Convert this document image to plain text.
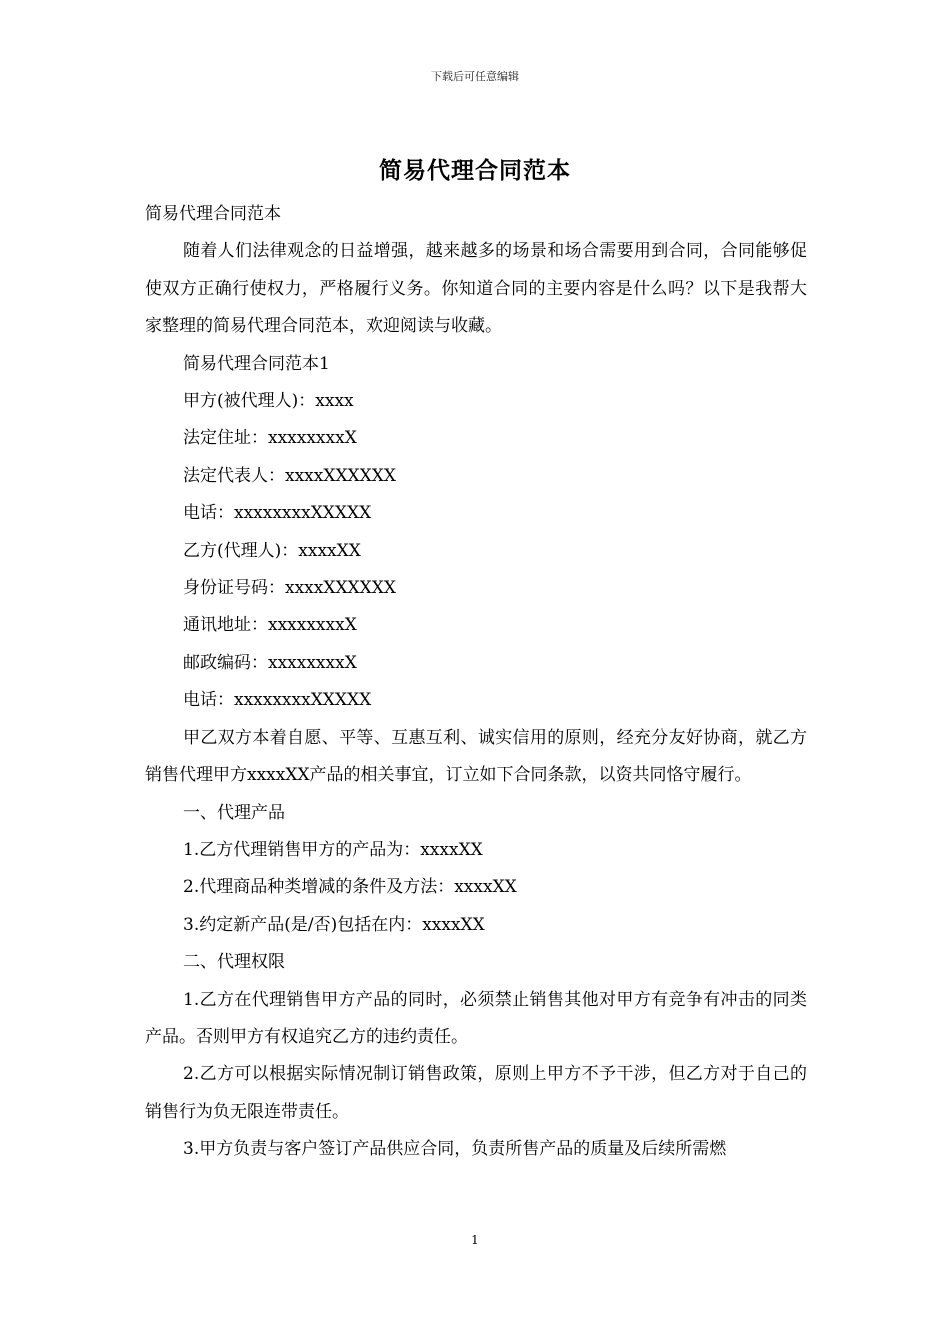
下载后可任意编辑
简易代理合同范本

简易代理合同范本

随着人们法律观念的日益增强，越来越多的场景和场合需要用到合同，合同能够促使双方正确行使权力，严格履行义务。你知道合同的主要内容是什么吗？以下是我帮大家整理的简易代理合同范本，欢迎阅读与收藏。

简易代理合同范本1

甲方(被代理人)：xxxx

法定住址：xxxxxxxxX

法定代表人：xxxxXXXXXX

电话：xxxxxxxxXXXXX

乙方(代理人)：xxxxXX

身份证号码：xxxxXXXXXX

通讯地址：xxxxxxxxX

邮政编码：xxxxxxxxX

电话：xxxxxxxxXXXXX

甲乙双方本着自愿、平等、互惠互利、诚实信用的原则，经充分友好协商，就乙方销售代理甲方xxxxXX产品的相关事宜，订立如下合同条款，以资共同恪守履行。

一、代理产品

1.乙方代理销售甲方的产品为：xxxxXX

2.代理商品种类增减的条件及方法：xxxxXX

3.约定新产品(是/否)包括在内：xxxxXX

二、代理权限

1.乙方在代理销售甲方产品的同时，必须禁止销售其他对甲方有竞争有冲击的同类产品。否则甲方有权追究乙方的违约责任。

2.乙方可以根据实际情况制订销售政策，原则上甲方不予干涉，但乙方对于自己的销售行为负无限连带责任。

3.甲方负责与客户签订产品供应合同，负责所售产品的质量及后续所需燃

1
